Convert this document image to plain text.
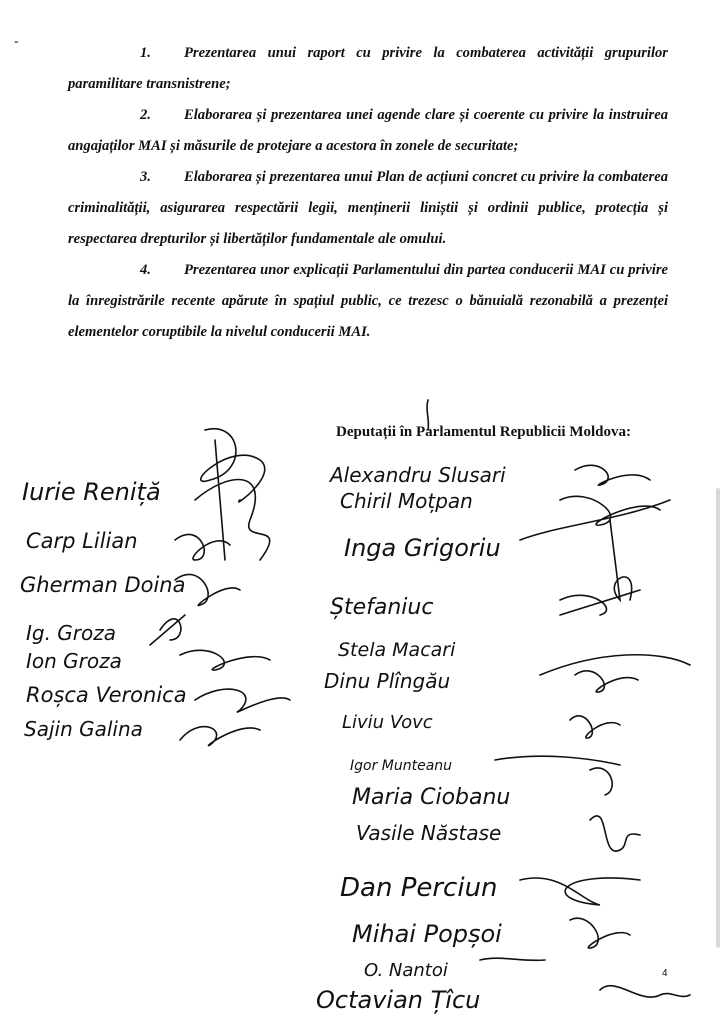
-

1. Prezentarea unui raport cu privire la combaterea activității grupurilor paramilitare transnistrene;

2. Elaborarea și prezentarea unei agende clare și coerente cu privire la instruirea angajaților MAI și măsurile de protejare a acestora în zonele de securitate;

3. Elaborarea și prezentarea unui Plan de acțiuni concret cu privire la combaterea criminalității, asigurarea respectării legii, menținerii liniștii și ordinii publice, protecția și respectarea drepturilor și libertăților fundamentale ale omului.

4. Prezentarea unor explicații Parlamentului din partea conducerii MAI cu privire la înregistrările recente apărute în spațiul public, ce trezesc o bănuială rezonabilă a prezenței elementelor coruptibile la nivelul conducerii MAI.

Deputații în Parlamentul Republicii Moldova:
Iurie Reniță
Carp Lilian
Gherman Doina
Ig. Groza
Ion Groza
Roșca Veronica
Sajin Galina
Alexandru Slusari
Chiril Moțpan
Inga Grigoriu
Ștefaniuc
Stela Macari
Dinu Plîngău
Liviu Vovc
Igor Munteanu
Maria Ciobanu
Vasile Năstase
Dan Perciun
Mihai Popșoi
O. Nantoi
Octavian Țîcu
4
